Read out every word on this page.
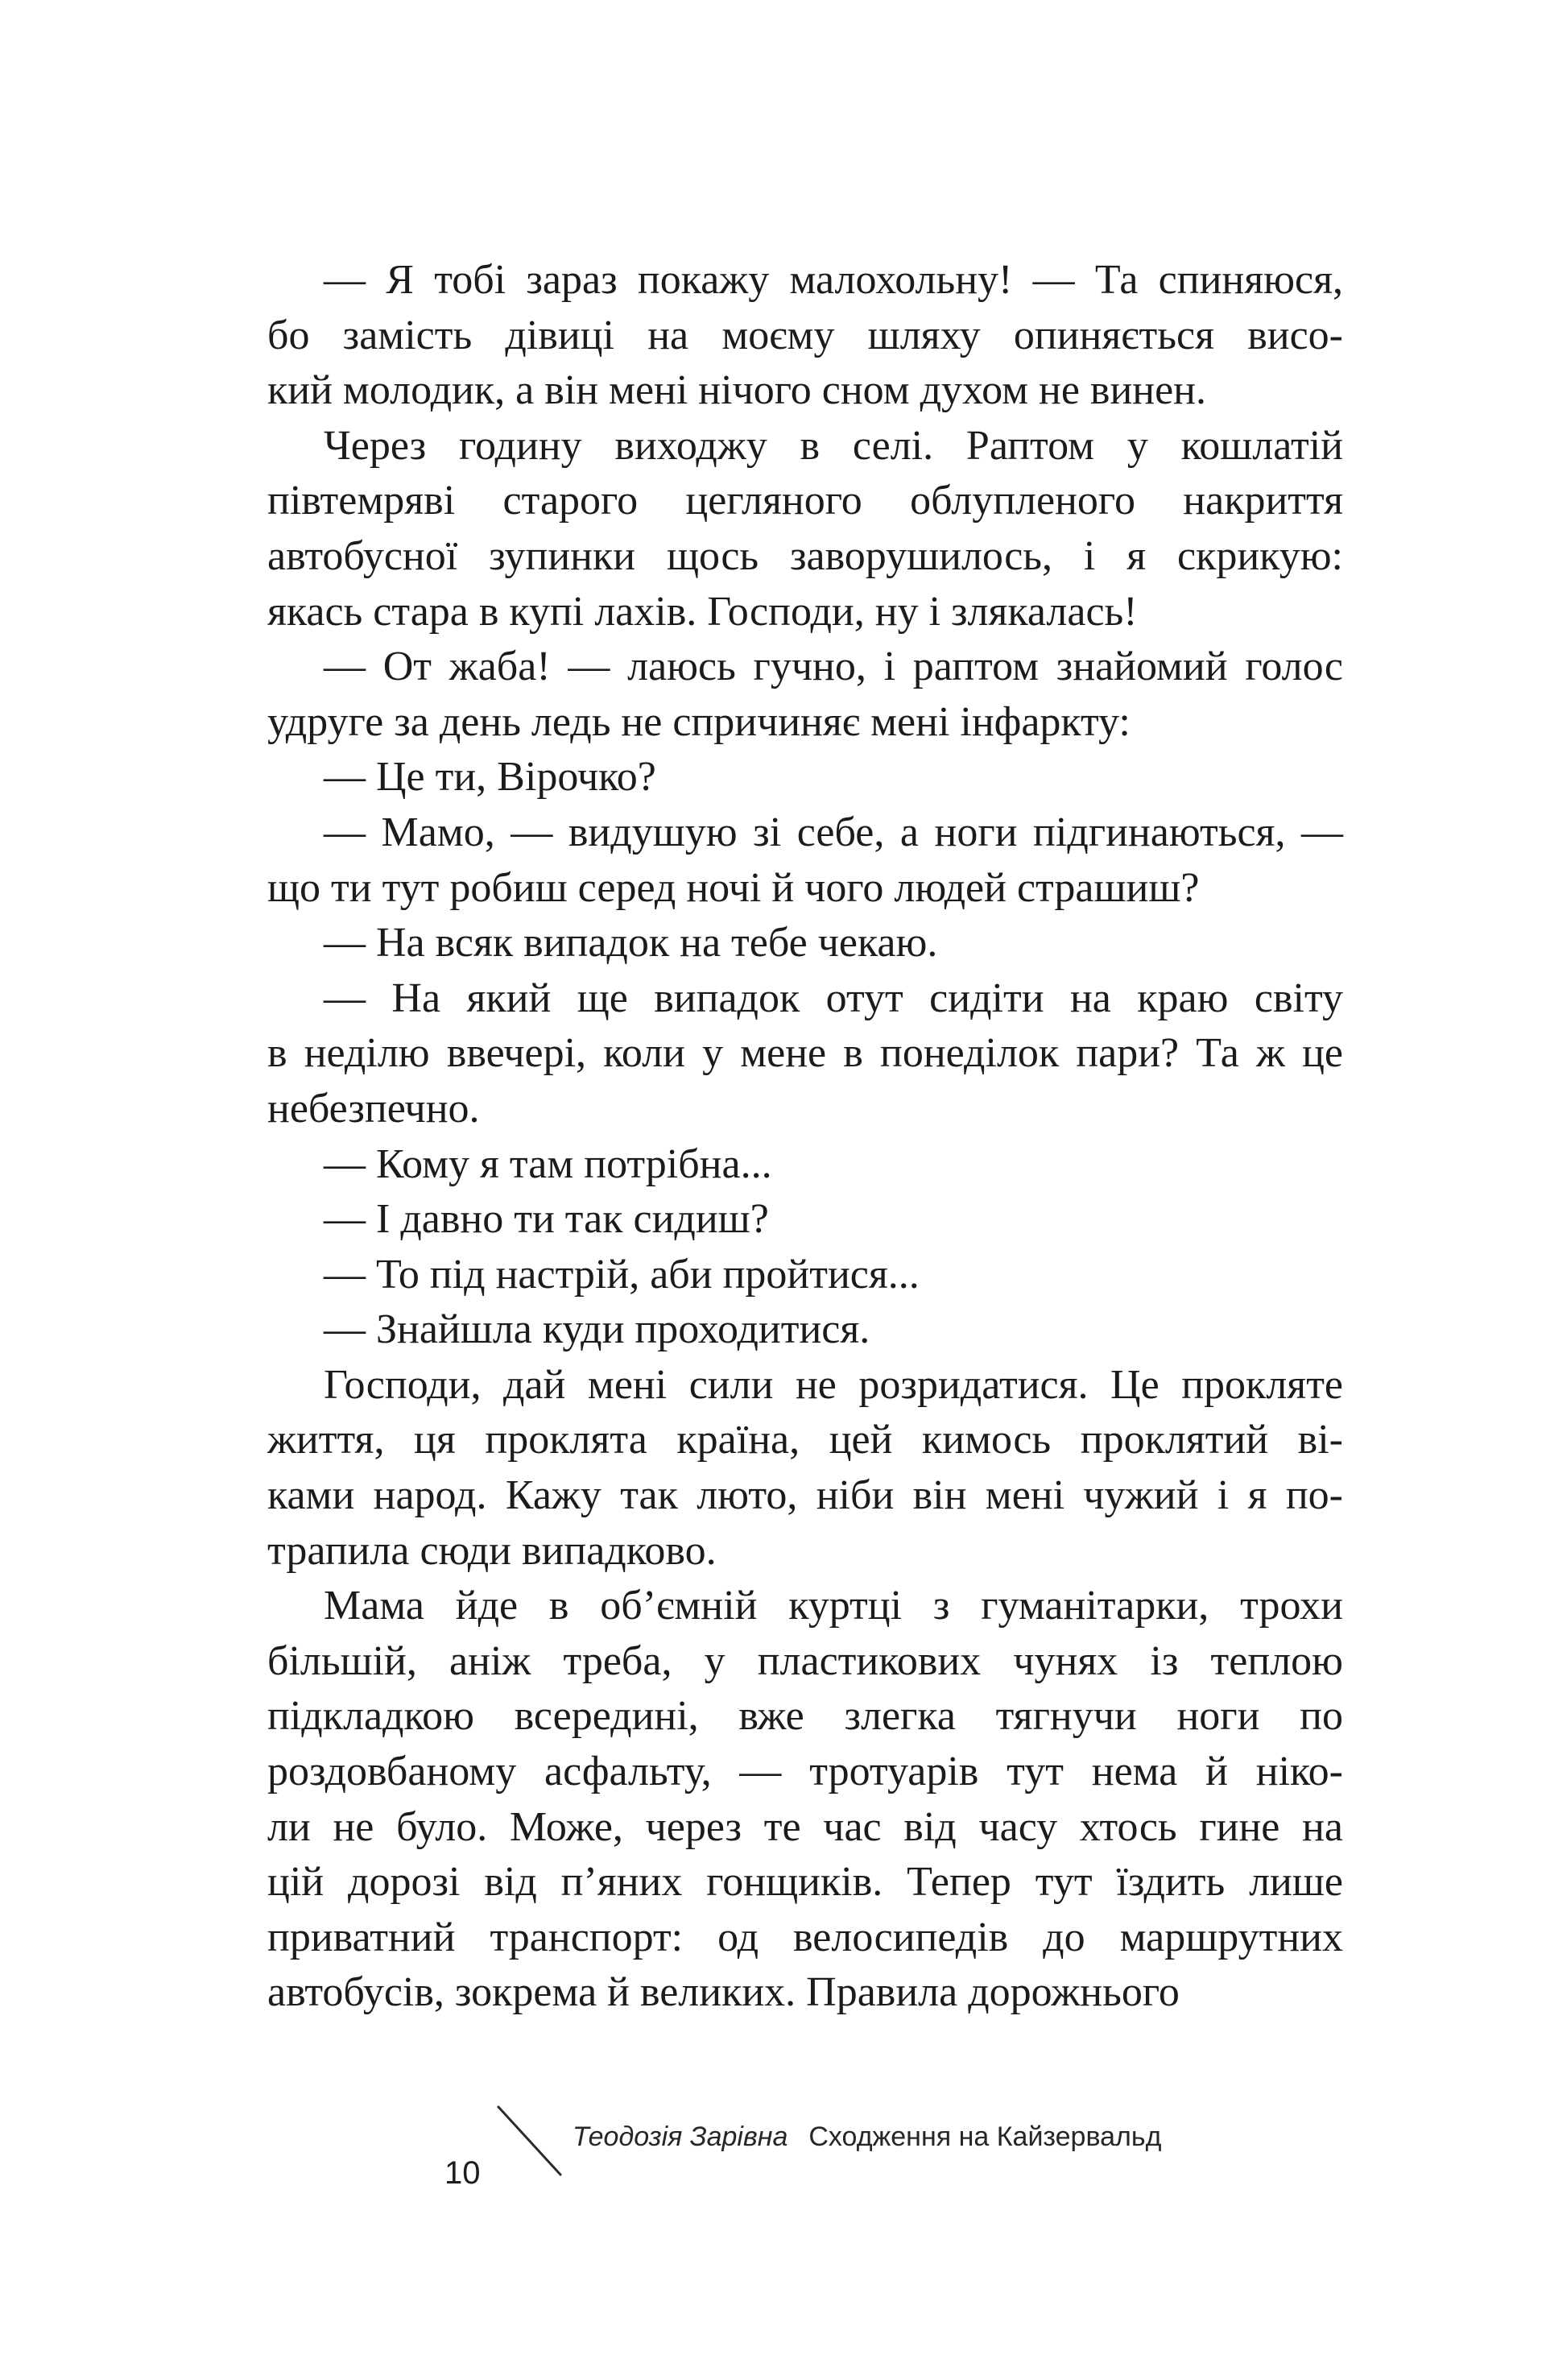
— Я тобі зараз покажу малохольну! — Та спиняюся,
бо замість дівиці на моєму шляху опиняється висо-
кий молодик, а він мені нічого сном духом не винен.
Через годину виходжу в селі. Раптом у кошлатій
півтемряві старого цегляного облупленого накриття
автобусної зупинки щось заворушилось, і я скрикую:
якась стара в купі лахів. Господи, ну і злякалась!
— От жаба! — лаюсь гучно, і раптом знайомий голос
удруге за день ледь не спричиняє мені інфаркту:
— Це ти, Вірочко?
— Мамо, — видушую зі себе, а ноги підгинаються, —
що ти тут робиш серед ночі й чого людей страшиш?
— На всяк випадок на тебе чекаю.
— На який ще випадок отут сидіти на краю світу
в неділю ввечері, коли у мене в понеділок пари? Та ж це
небезпечно.
— Кому я там потрібна...
— І давно ти так сидиш?
— То під настрій, аби пройтися...
— Знайшла куди проходитися.
Господи, дай мені сили не розридатися. Це прокляте
життя, ця проклята країна, цей кимось проклятий ві-
ками народ. Кажу так люто, ніби він мені чужий і я по-
трапила сюди випадково.
Мама йде в об’ємній куртці з гуманітарки, трохи
більшій, аніж треба, у пластикових чунях із теплою
підкладкою всередині, вже злегка тягнучи ноги по
роздовбаному асфальту, — тротуарів тут нема й ніко-
ли не було. Може, через те час від часу хтось гине на
цій дорозі від п’яних гонщиків. Тепер тут їздить лише
приватний транспорт: од велосипедів до маршрутних
автобусів, зокрема й великих. Правила дорожнього
10
Теодозія Зарівна Сходження на Кайзервальд
